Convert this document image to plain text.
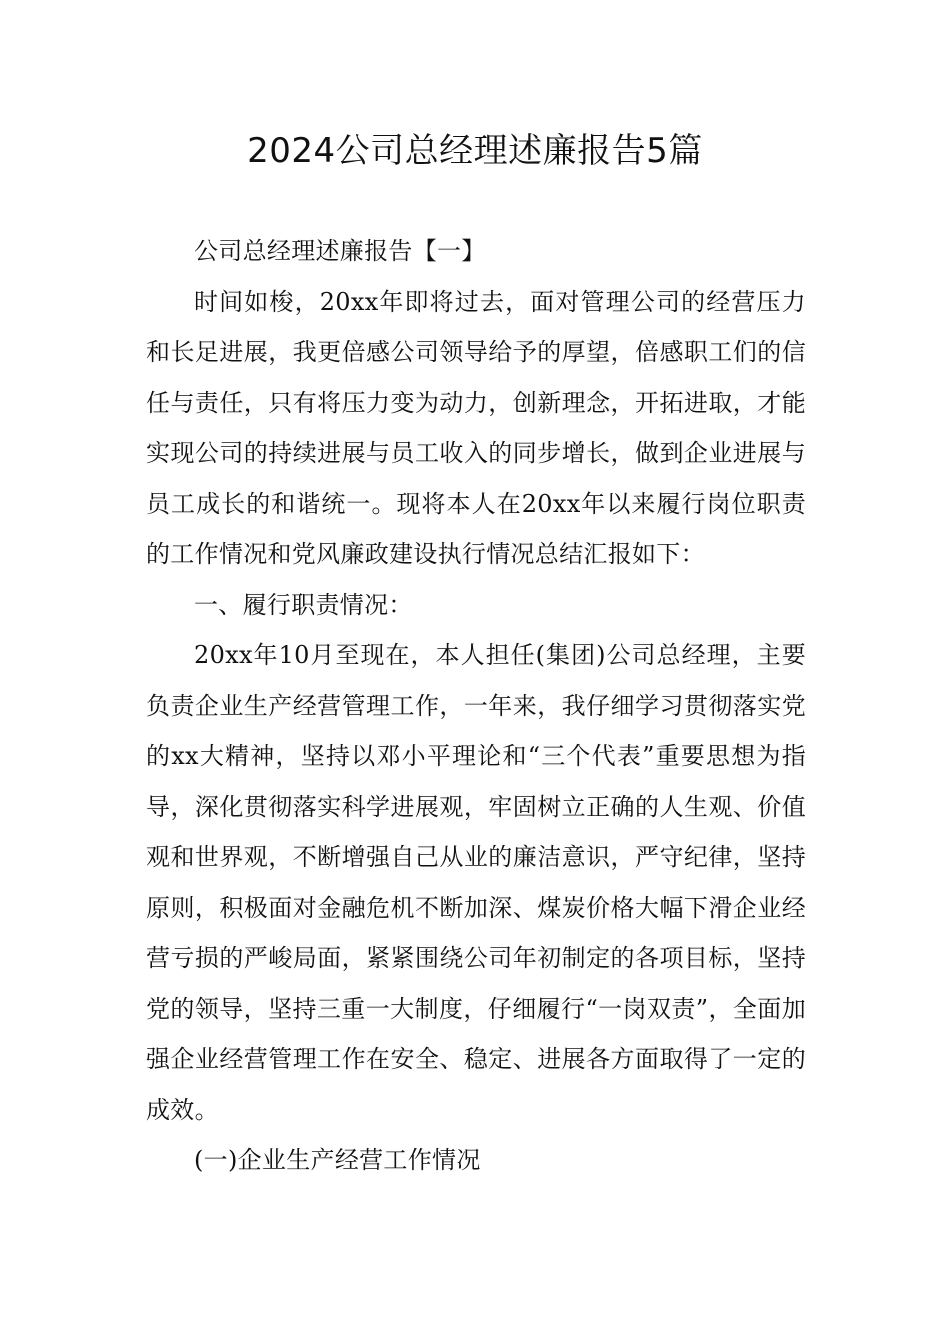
2024公司总经理述廉报告5篇

公司总经理述廉报告【一】

时间如梭，20xx年即将过去，面对管理公司的经营压力和长足进展，我更倍感公司领导给予的厚望，倍感职工们的信任与责任，只有将压力变为动力，创新理念，开拓进取，才能实现公司的持续进展与员工收入的同步增长，做到企业进展与员工成长的和谐统一。现将本人在20xx年以来履行岗位职责的工作情况和党风廉政建设执行情况总结汇报如下：

一、履行职责情况：

20xx年10月至现在，本人担任(集团)公司总经理，主要负责企业生产经营管理工作，一年来，我仔细学习贯彻落实党的xx大精神，坚持以邓小平理论和“三个代表”重要思想为指导，深化贯彻落实科学进展观，牢固树立正确的人生观、价值观和世界观，不断增强自己从业的廉洁意识，严守纪律，坚持原则，积极面对金融危机不断加深、煤炭价格大幅下滑企业经营亏损的严峻局面，紧紧围绕公司年初制定的各项目标，坚持党的领导，坚持三重一大制度，仔细履行“一岗双责”，全面加强企业经营管理工作在安全、稳定、进展各方面取得了一定的成效。

(一)企业生产经营工作情况
